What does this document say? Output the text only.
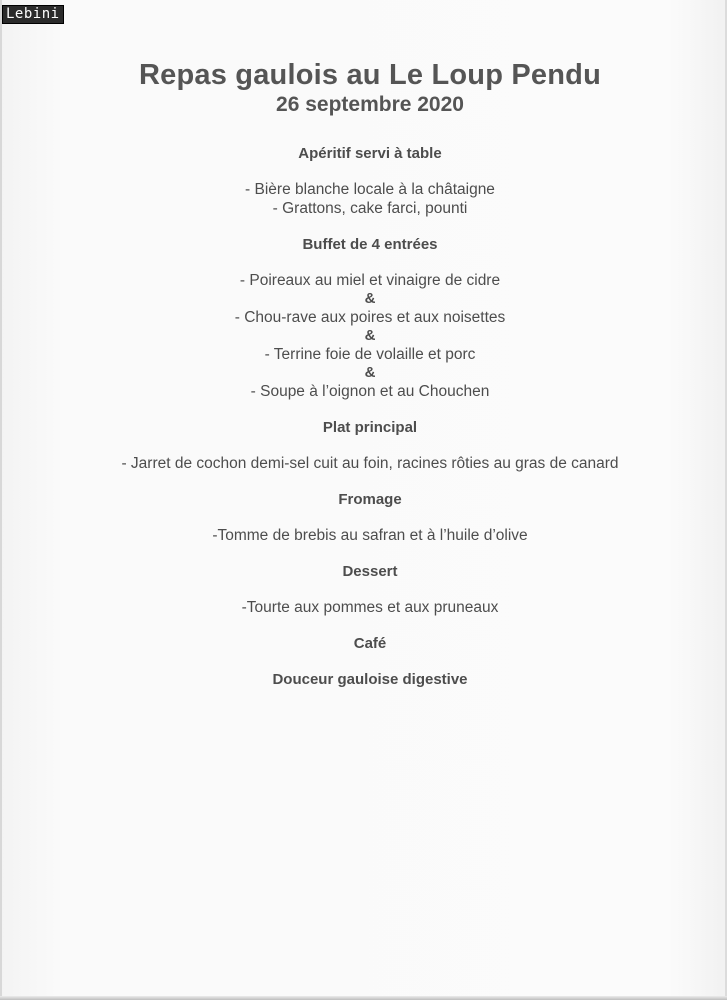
Lebini
Repas gaulois au Le Loup Pendu
26 septembre 2020
Apéritif servi à table
- Bière blanche locale à la châtaigne
- Grattons, cake farci, pounti
Buffet de 4 entrées
- Poireaux au miel et vinaigre de cidre
&
- Chou-rave aux poires et aux noisettes
&
- Terrine foie de volaille et porc
&
- Soupe à l’oignon et au Chouchen
Plat principal
- Jarret de cochon demi-sel cuit au foin, racines rôties au gras de canard
Fromage
-Tomme de brebis au safran et à l’huile d’olive
Dessert
-Tourte aux pommes et aux pruneaux
Café
Douceur gauloise digestive
